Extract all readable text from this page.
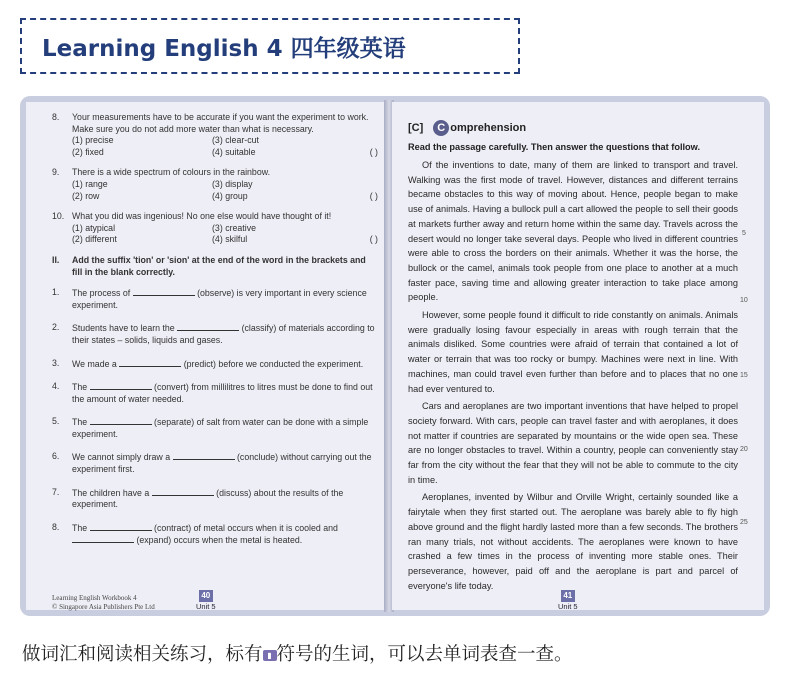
Learning English 4 四年级英语
8. Your measurements have to be accurate if you want the experiment to work. Make sure you do not add more water than what is necessary.
(1) precise	(3) clear-cut
(2) fixed	(4) suitable	( )
9. There is a wide spectrum of colours in the rainbow.
(1) range	(3) display
(2) row	(4) group	( )
10. What you did was ingenious! No one else would have thought of it!
(1) atypical	(3) creative
(2) different	(4) skilful	( )
II. Add the suffix 'tion' or 'sion' at the end of the word in the brackets and fill in the blank correctly.
1. The process of	(observe) is very important in every science experiment.
2. Students have to learn the	(classify) of materials according to their states – solids, liquids and gases.
3. We made a	(predict) before we conducted the experiment.
4. The	(convert) from millilitres to litres must be done to find out the amount of water needed.
5. The	(separate) of salt from water can be done with a simple experiment.
6. We cannot simply draw a	(conclude) without carrying out the experiment first.
7. The children have a	(discuss) about the results of the experiment.
8. The	(contract) of metal occurs when it is cooled and  (expand) occurs when the metal is heated.
[C]	C omprehension
Read the passage carefully. Then answer the questions that follow.

Of the inventions to date, many of them are linked to transport and travel. Walking was the first mode of travel. However, distances and different terrains became obstacles to this way of moving about. Hence, people began to make use of animals. Having a bullock pull a cart allowed the people to sell their goods at markets further away and return home within the same day. Travels across the desert would no longer take several days. People who lived in different countries were able to cross the borders on their animals. Whether it was the horse, the bullock or the camel, animals took people from one place to another at a much faster pace, saving time and allowing greater interaction to take place among people.

However, some people found it difficult to ride constantly on animals. Animals were gradually losing favour especially in areas with rough terrain that the animals disliked. Some countries were afraid of terrain that contained a lot of water or terrain that was too rocky or bumpy. Machines were next in line. With machines, man could travel even further than before and to places that no one had ever ventured to.

Cars and aeroplanes are two important inventions that have helped to propel society forward. With cars, people can travel faster and with aeroplanes, it does not matter if countries are separated by mountains or the wide open sea. These are no longer obstacles to travel. Within a country, people can conveniently stay far from the city without the fear that they will not be able to commute to the city in time.

Aeroplanes, invented by Wilbur and Orville Wright, certainly sounded like a fairytale when they first started out. The aeroplane was barely able to fly high above ground and the flight hardly lasted more than a few seconds. The brothers ran many trials, not without accidents. The aeroplanes were known to have crashed a few times in the process of inventing more stable ones. Their perseverance, however, paid off and the aeroplane is part and parcel of everyone's life today.

5
10
15
20
25
Learning English Workbook 4
© Singapore Asia Publishers Pte Ltd
40
Unit 5
41
Unit 5
做词汇和阅读相关练习，标有 ▮ 符号的生词，可以去单词表查一查。
